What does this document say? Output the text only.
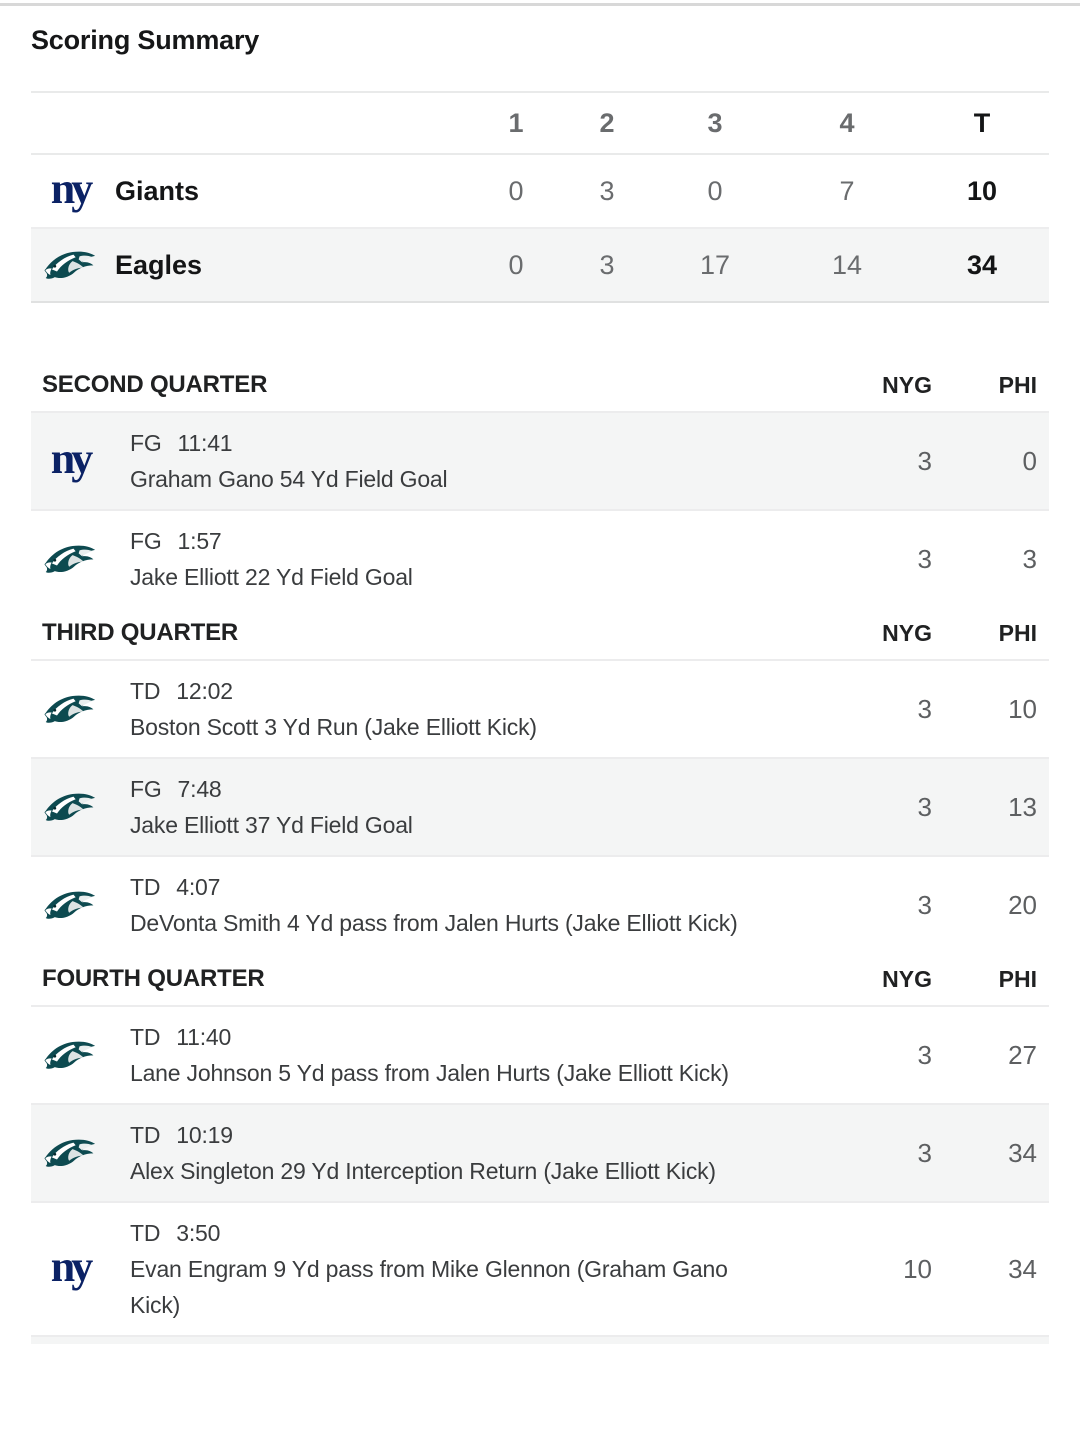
Scoring Summary
1	2	3	4	T
ny Giants	0	3	0	7	10
Eagles	0	3	17	14	34
SECOND QUARTER	NYG	PHI
ny FG 11:41
Graham Gano 54 Yd Field Goal
3	0
FG 1:57
Jake Elliott 22 Yd Field Goal
3	3
THIRD QUARTER	NYG	PHI
TD 12:02
Boston Scott 3 Yd Run (Jake Elliott Kick)
3	10
FG 7:48
Jake Elliott 37 Yd Field Goal
3	13
TD 4:07
DeVonta Smith 4 Yd pass from Jalen Hurts (Jake Elliott Kick)
3	20
FOURTH QUARTER	NYG	PHI
TD 11:40
Lane Johnson 5 Yd pass from Jalen Hurts (Jake Elliott Kick)
3	27
TD 10:19
Alex Singleton 29 Yd Interception Return (Jake Elliott Kick)
3	34
ny
TD 3:50
Evan Engram 9 Yd pass from Mike Glennon (Graham Gano Kick)
10	34
